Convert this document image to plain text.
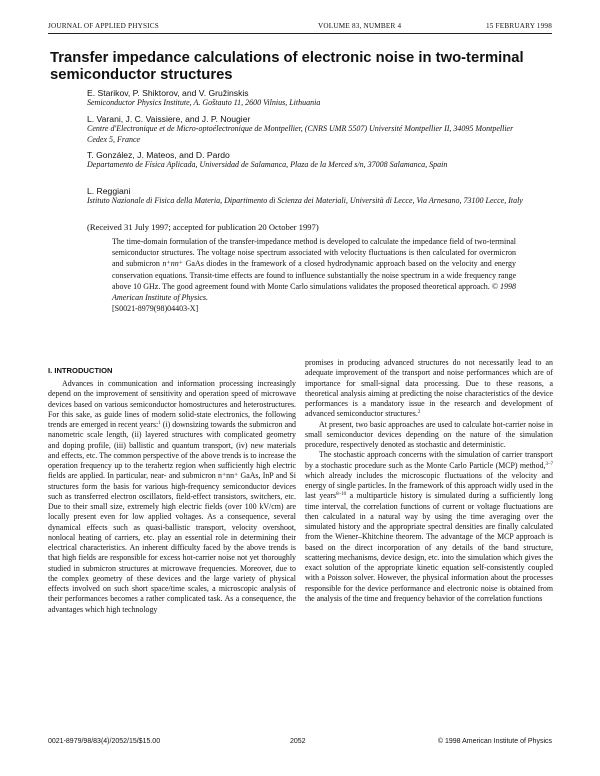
JOURNAL OF APPLIED PHYSICS	VOLUME 83, NUMBER 4	15 FEBRUARY 1998
Transfer impedance calculations of electronic noise in two-terminal semiconductor structures
E. Starikov, P. Shiktorov, and V. Gružinskis
Semiconductor Physics Institute, A. Goštauto 11, 2600 Vilnius, Lithuania
L. Varani, J. C. Vaissiere, and J. P. Nougier
Centre d'Electronique et de Micro-optoélectronique de Montpellier, (CNRS UMR 5507) Université Montpellier II, 34095 Montpellier Cedex 5, France
T. González, J. Mateos, and D. Pardo
Departamento de Física Aplicada, Universidad de Salamanca, Plaza de la Merced s/n, 37008 Salamanca, Spain
L. Reggiani
Istituto Nazionale di Fisica della Materia, Dipartimento di Scienza dei Materiali, Università di Lecce, Via Arnesano, 73100 Lecce, Italy
(Received 31 July 1997; accepted for publication 20 October 1997)

The time-domain formulation of the transfer-impedance method is developed to calculate the impedance field of two-terminal semiconductor structures. The voltage noise spectrum associated with velocity fluctuations is then calculated for overmicron and submicron n⁺nn⁺ GaAs diodes in the framework of a closed hydrodynamic approach based on the velocity and energy conservation equations. Transit-time effects are found to influence substantially the noise spectrum in a wide frequency range above 10 GHz. The good agreement found with Monte Carlo simulations validates the proposed theoretical approach. © 1998 American Institute of Physics.

[S0021-8979(98)04403-X]
I. INTRODUCTION

Advances in communication and information processing increasingly depend on the improvement of sensitivity and operation speed of microwave devices based on various semiconductor homostructures and heterostructures. For this sake, as guide lines of modern solid-state electronics, the following trends are emerged in recent years:$^1$ (i) downsizing towards the submicron and nanometric scale length, (ii) layered structures with complicated geometry and doping profile, (iii) ballistic and quantum transport, (iv) new materials and effects, etc. The common perspective of the above trends is to increase the operation frequency up to the terahertz region when sufficiently high electric fields are applied. In particular, near- and submicron n⁺nn⁺ GaAs, InP and Si structures form the basis for various high-frequency semiconductor devices such as transferred electron oscillators, field-effect transistors, switchers, etc. Due to their small size, extremely high electric fields (over 100 kV/cm) are locally present even for low applied voltages. As a consequence, several dynamical effects such as quasi-ballistic transport, velocity overshoot, nonlocal heating of carriers, etc. play an essential role in determining their electrical characteristics. An inherent difficulty faced by the above trends is that high fields are responsible for excess hot-carrier noise not yet thoroughly studied in submicron structures at microwave frequencies. Moreover, due to the complex geometry of these devices and the large variety of physical effects involved on such short space/time scales, a microscopic analysis of their performances becomes a rather complicated task. As a consequence, the advantages which high technology

promises in producing advanced structures do not necessarily lead to an adequate improvement of the transport and noise performances which are of importance for small-signal data processing. Due to these reasons, a theoretical analysis aiming at predicting the noise characteristics of the device performances is a mandatory issue in the research and development of advanced semiconductor structures.$^2$

At present, two basic approaches are used to calculate hot-carrier noise in small semiconductor devices depending on the nature of the simulation procedure, respectively denoted as stochastic and deterministic.

The stochastic approach concerns with the simulation of carrier transport by a stochastic procedure such as the Monte Carlo Particle (MCP) method,$^{3-7}$ which already includes the microscopic fluctuations of the velocity and energy of single particles. In the framework of this approach widly used in the last years$^{8-10}$ a multiparticle history is simulated during a sufficiently long time interval, the correlation functions of current or voltage fluctuations are then calculated in a natural way by using the time averaging over the simulated history and the appropriate spectral densities are finally calculated from the Wiener–Khitchine theorem. The advantage of the MCP approach is based on the direct incorporation of any details of the band structure, scattering mechanisms, device design, etc. into the simulation which gives the exact solution of the appropriate kinetic equation self-consistently coupled with a Poisson solver. However, the physical information about the processes responsible for the device performance and electronic noise is obtained from the analysis of the time and frequency behavior of the correlation functions

0021-8979/98/83(4)/2052/15/$15.00	2052	© 1998 American Institute of Physics
